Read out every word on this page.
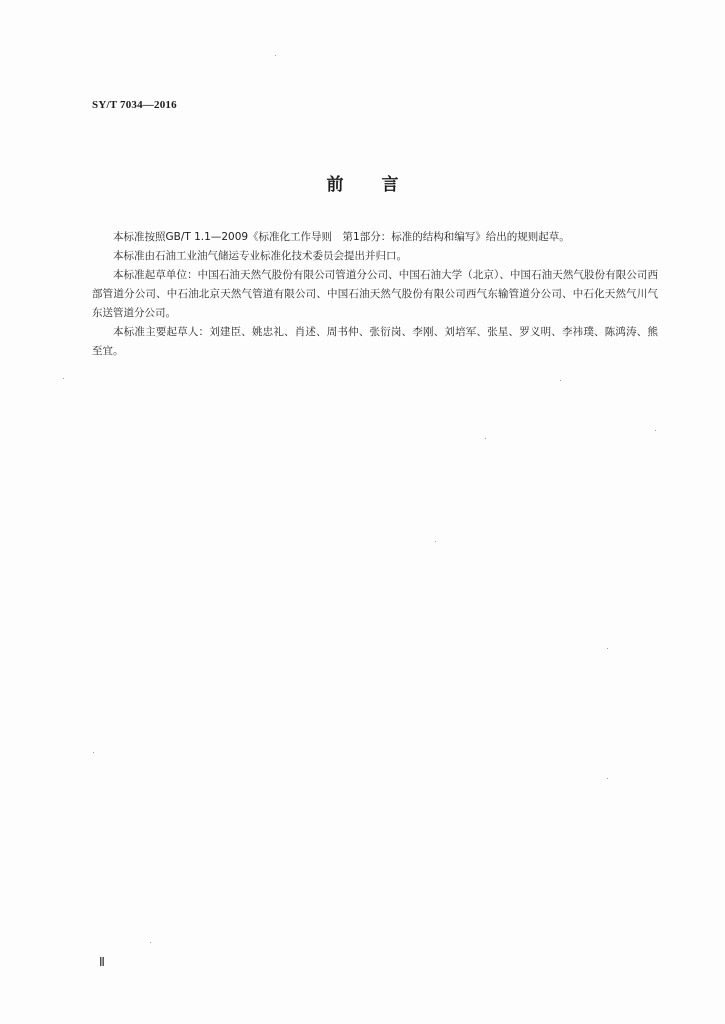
SY/T 7034—2016
前 言

本标准按照GB/T 1.1—2009《标准化工作导则　第1部分：标准的结构和编写》给出的规则起草。

本标准由石油工业油气储运专业标准化技术委员会提出并归口。

本标准起草单位：中国石油天然气股份有限公司管道分公司、中国石油大学（北京）、中国石油天然气股份有限公司西部管道分公司、中石油北京天然气管道有限公司、中国石油天然气股份有限公司西气东输管道分公司、中石化天然气川气东送管道分公司。

本标准主要起草人：刘建臣、姚忠礼、肖述、周书仲、张衍岗、李刚、刘培军、张星、罗义明、李祎璞、陈鸿涛、熊至宜。

Ⅱ
